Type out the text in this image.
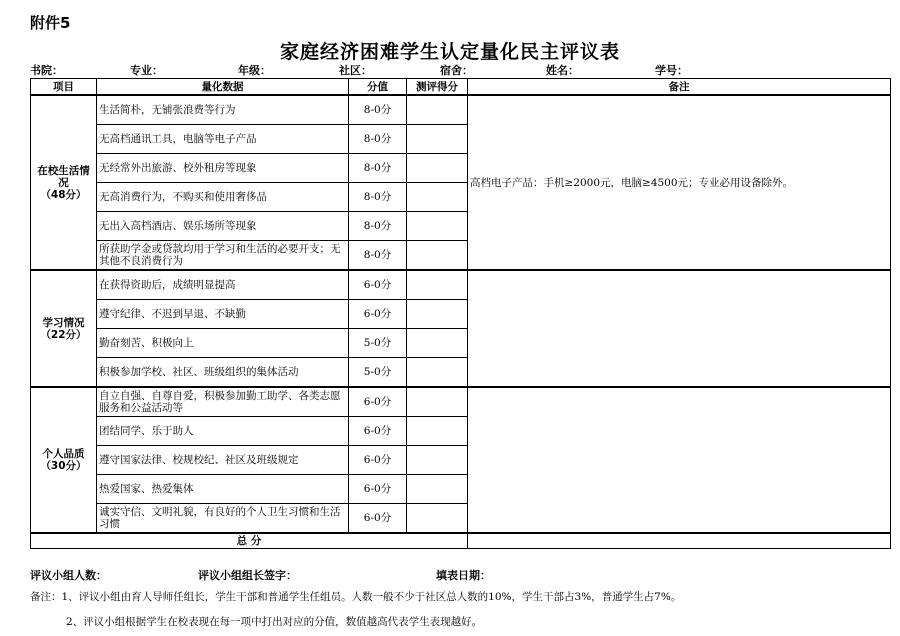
附件5
家庭经济困难学生认定量化民主评议表
书院：	专业：	年级：	社区：	宿舍：	姓名：	学号：
项目	量化数据	分值	测评得分	备注
在校生活情
况
（48分）	生活简朴，无铺张浪费等行为	8-0分		高档电子产品：手机≥2000元，电脑≥4500元；专业必用设备除外。
	无高档通讯工具，电脑等电子产品	8-0分		
	无经常外出旅游、校外租房等现象	8-0分		
	无高消费行为，不购买和使用奢侈品	8-0分		
	无出入高档酒店、娱乐场所等现象	8-0分		
	所获助学金或贷款均用于学习和生活的必要开支；无其他不良消费行为	8-0分		
学习情况
（22分）	在获得资助后，成绩明显提高	6-0分		
	遵守纪律、不迟到早退、不缺勤	6-0分		
	勤奋刻苦、积极向上	5-0分		
	积极参加学校、社区、班级组织的集体活动	5-0分		
个人品质
（30分）	自立自强、自尊自爱，积极参加勤工助学、各类志愿服务和公益活动等	6-0分		
	团结同学、乐于助人	6-0分		
	遵守国家法律、校规校纪、社区及班级规定	6-0分		
	热爱国家、热爱集体	6-0分		
	诚实守信、文明礼貌，有良好的个人卫生习惯和生活习惯	6-0分		
总 分				
评议小组人数：	评议小组组长签字：	填表日期：
备注：1、评议小组由育人导师任组长，学生干部和普通学生任组员。人数一般不少于社区总人数的10%，学生干部占3%，普通学生占7%。
2、评议小组根据学生在校表现在每一项中打出对应的分值，数值越高代表学生表现越好。
